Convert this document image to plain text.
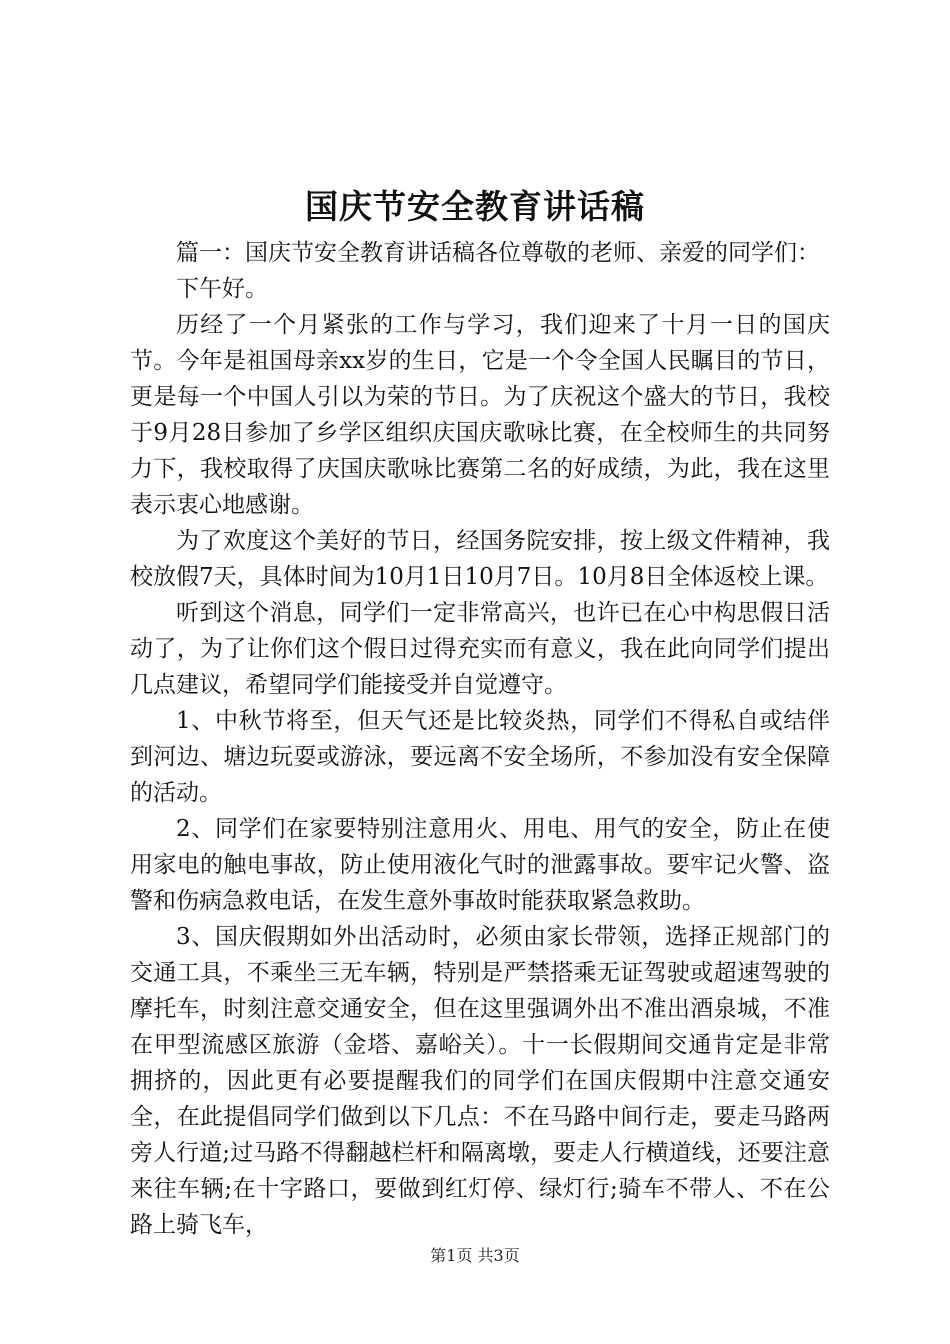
国庆节安全教育讲话稿

篇一：国庆节安全教育讲话稿各位尊敬的老师、亲爱的同学们：

下午好。

历经了一个月紧张的工作与学习，我们迎来了十月一日的国庆节。今年是祖国母亲xx岁的生日，它是一个令全国人民瞩目的节日，更是每一个中国人引以为荣的节日。为了庆祝这个盛大的节日，我校于9月28日参加了乡学区组织庆国庆歌咏比赛，在全校师生的共同努力下，我校取得了庆国庆歌咏比赛第二名的好成绩，为此，我在这里表示衷心地感谢。

为了欢度这个美好的节日，经国务院安排，按上级文件精神，我校放假7天，具体时间为10月1日10月7日。10月8日全体返校上课。

听到这个消息，同学们一定非常高兴，也许已在心中构思假日活动了，为了让你们这个假日过得充实而有意义，我在此向同学们提出几点建议，希望同学们能接受并自觉遵守。

1、中秋节将至，但天气还是比较炎热，同学们不得私自或结伴到河边、塘边玩耍或游泳，要远离不安全场所，不参加没有安全保障的活动。

2、同学们在家要特别注意用火、用电、用气的安全，防止在使用家电的触电事故，防止使用液化气时的泄露事故。要牢记火警、盗警和伤病急救电话，在发生意外事故时能获取紧急救助。

3、国庆假期如外出活动时，必须由家长带领，选择正规部门的交通工具，不乘坐三无车辆，特别是严禁搭乘无证驾驶或超速驾驶的摩托车，时刻注意交通安全，但在这里强调外出不准出酒泉城，不准在甲型流感区旅游（金塔、嘉峪关）。十一长假期间交通肯定是非常拥挤的，因此更有必要提醒我们的同学们在国庆假期中注意交通安全，在此提倡同学们做到以下几点：不在马路中间行走，要走马路两旁人行道;过马路不得翻越栏杆和隔离墩，要走人行横道线，还要注意来往车辆;在十字路口，要做到红灯停、绿灯行;骑车不带人、不在公路上骑飞车，

第1页 共3页
